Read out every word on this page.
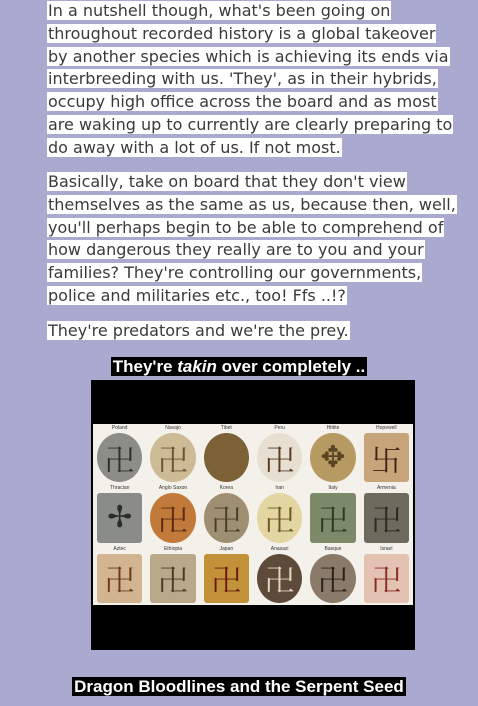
In a nutshell though, what's been going on throughout recorded history is a global takeover by another species which is achieving its ends via interbreeding with us. 'They', as in their hybrids, occupy high office across the board and as most are waking up to currently are clearly preparing to do away with a lot of us. If not most.

Basically, take on board that they don't view themselves as the same as us, because then, well, you'll perhaps begin to be able to comprehend of how dangerous they really are to you and your families? They're controlling our governments, police and militaries etc., too! Ffs ..!?

They're predators and we're the prey.

They're takin over completely ..
Poland
卍
Navajo
卍
Tibet	Peru
卍
Hittite
✥
Hopewell
卐
Thracian
✢
Anglo Saxon
卍
Korea
卍
Iran
卍
Italy
卍
Armenia
卍
Aztec
卍
Ethiopia
卍
Japan
卍
Anasazi
卍
Basque
卍
Israel
卍
Dragon Bloodlines and the Serpent Seed
